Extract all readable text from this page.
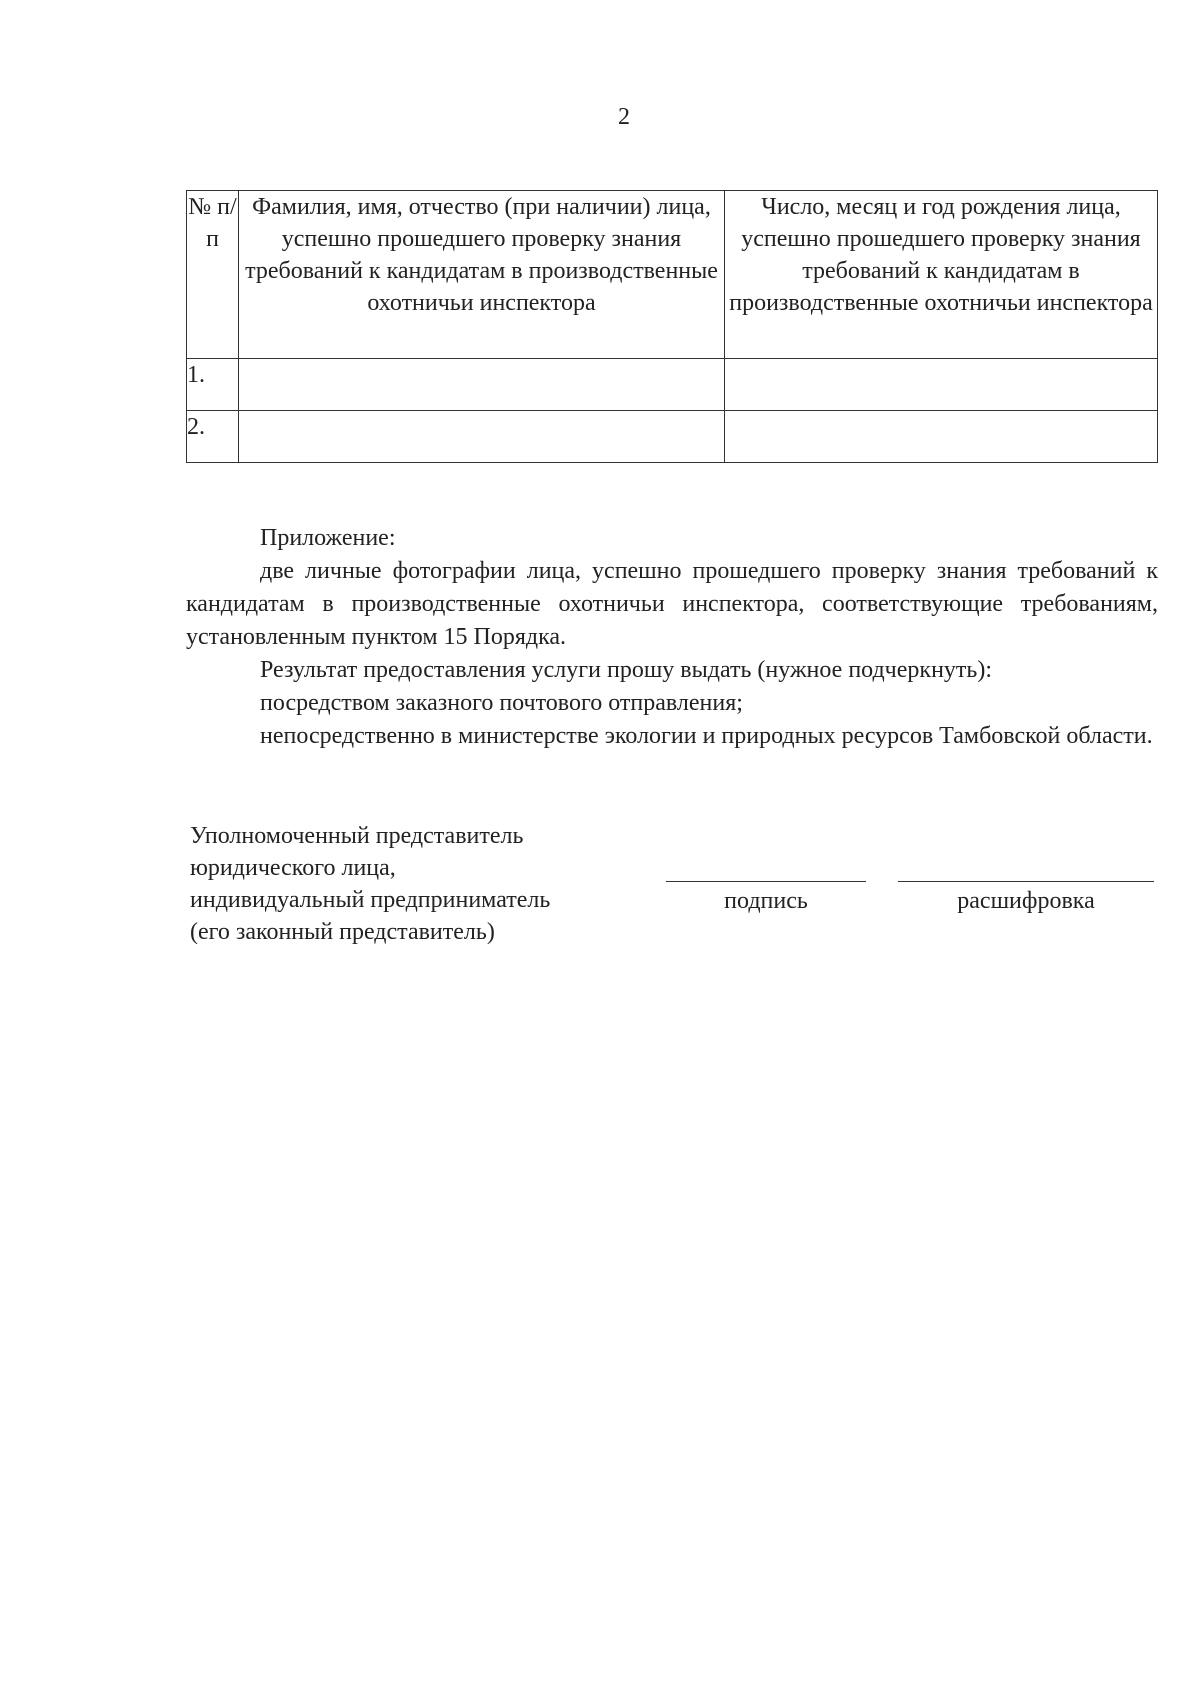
2
№ п/п	Фамилия, имя, отчество (при наличии) лица, успешно прошедшего проверку знания требований к кандидатам в производственные охотничьи инспектора	Число, месяц и год рождения лица, успешно прошедшего проверку знания требований к кандидатам в производственные охотничьи инспектора
1.		
2.		

Приложение:

две личные фотографии лица, успешно прошедшего проверку знания требований к кандидатам в производственные охотничьи инспектора, соответствующие требованиям, установленным пунктом 15 Порядка.

Результат предоставления услуги прошу выдать (нужное подчеркнуть):

посредством заказного почтового отправления;

непосредственно в министерстве экологии и природных ресурсов Тамбовской области.

Уполномоченный представитель
юридического лица,
индивидуальный предприниматель
(его законный представитель)
подпись	расшифровка
